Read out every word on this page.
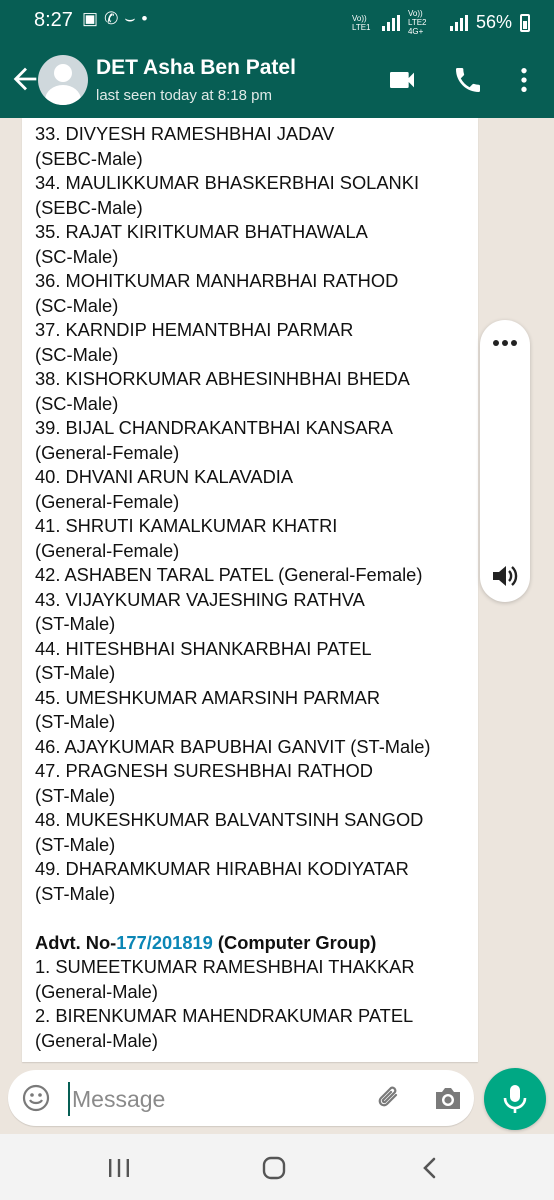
8:27 ▣✆⌣•	Vo)) LTE1
Vo)) LTE2 4G+	56%
DET Asha Ben Patel
last seen today at 8:18 pm
33. DIVYESH RAMESHBHAI JADAV
(SEBC-Male)
34. MAULIKKUMAR BHASKERBHAI SOLANKI
(SEBC-Male)
35. RAJAT KIRITKUMAR BHATHAWALA
(SC-Male)
36. MOHITKUMAR MANHARBHAI RATHOD
(SC-Male)
37. KARNDIP HEMANTBHAI PARMAR
(SC-Male)
38. KISHORKUMAR ABHESINHBHAI BHEDA
(SC-Male)
39. BIJAL CHANDRAKANTBHAI KANSARA
(General-Female)
40. DHVANI ARUN KALAVADIA
(General-Female)
41. SHRUTI KAMALKUMAR KHATRI
(General-Female)
42. ASHABEN TARAL PATEL (General-Female)
43. VIJAYKUMAR VAJESHING RATHVA
(ST-Male)
44. HITESHBHAI SHANKARBHAI PATEL
(ST-Male)
45. UMESHKUMAR AMARSINH PARMAR
(ST-Male)
46. AJAYKUMAR BAPUBHAI GANVIT (ST-Male)
47. PRAGNESH SURESHBHAI RATHOD
(ST-Male)
48. MUKESHKUMAR BALVANTSINH SANGOD
(ST-Male)
49. DHARAMKUMAR HIRABHAI KODIYATAR
(ST-Male)
Advt. No-177/201819 (Computer Group)
1. SUMEETKUMAR RAMESHBHAI THAKKAR
(General-Male)
2. BIRENKUMAR MAHENDRAKUMAR PATEL
(General-Male)
Message
